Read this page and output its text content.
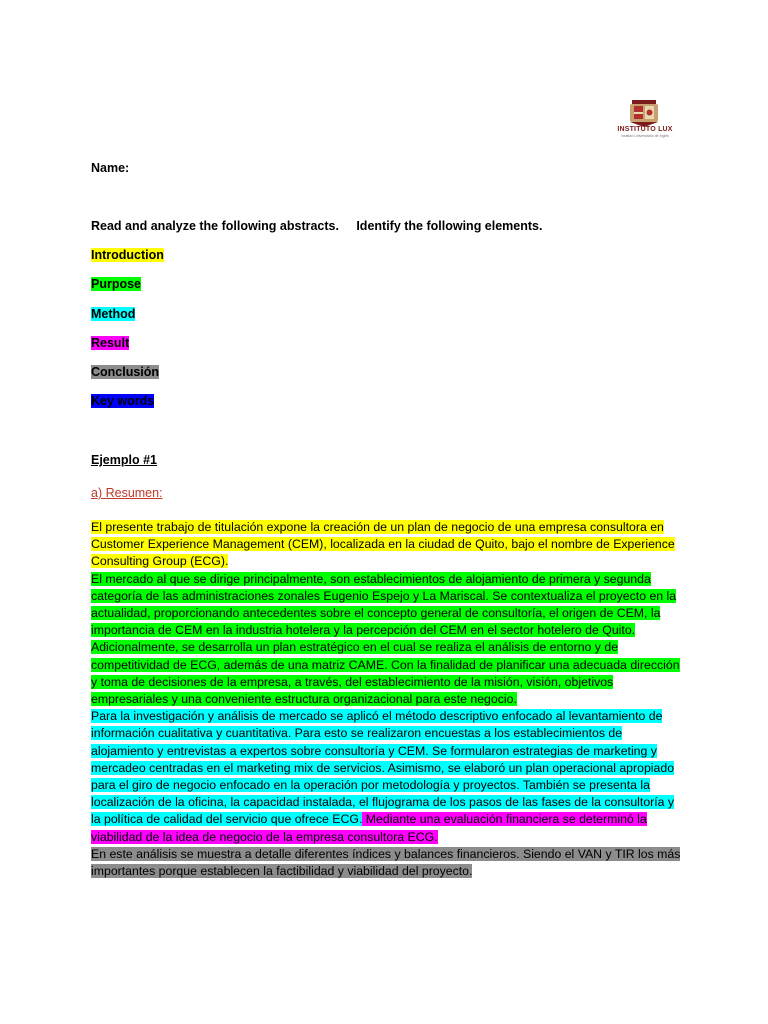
INSTITUTO LUX
Instituto Universitario de Inglés
Name:
Read and analyze the following abstracts.     Identify the following elements.
Introduction
Purpose
Method
Result
Conclusión
Key words
Ejemplo #1
a) Resumen:
El presente trabajo de titulación expone la creación de un plan de negocio de una empresa consultora en Customer Experience Management (CEM), localizada en la ciudad de Quito, bajo el nombre de Experience Consulting Group (ECG).
El mercado al que se dirige principalmente, son establecimientos de alojamiento de primera y segunda categoría de las administraciones zonales Eugenio Espejo y La Mariscal. Se contextualiza el proyecto en la actualidad, proporcionando antecedentes sobre el concepto general de consultoría, el origen de CEM, la importancia de CEM en la industria hotelera y la percepción del CEM en el sector hotelero de Quito. Adicionalmente, se desarrolla un plan estratégico en el cual se realiza el análisis de entorno y de competitividad de ECG, además de una matriz CAME. Con la finalidad de planificar una adecuada dirección y toma de decisiones de la empresa, a través, del establecimiento de la misión, visión, objetivos empresariales y una conveniente estructura organizacional para este negocio.
Para la investigación y análisis de mercado se aplicó el método descriptivo enfocado al levantamiento de información cualitativa y cuantitativa. Para esto se realizaron encuestas a los establecimientos de alojamiento y entrevistas a expertos sobre consultoría y CEM. Se formularon estrategias de marketing y mercadeo centradas en el marketing mix de servicios. Asimismo, se elaboró un plan operacional apropiado para el giro de negocio enfocado en la operación por metodología y proyectos. También se presenta la localización de la oficina, la capacidad instalada, el flujograma de los pasos de las fases de la consultoría y la política de calidad del servicio que ofrece ECG. Mediante una evaluación financiera se determinó la viabilidad de la idea de negocio de la empresa consultora ECG.
En este análisis se muestra a detalle diferentes índices y balances financieros. Siendo el VAN y TIR los más importantes porque establecen la factibilidad y viabilidad del proyecto.
